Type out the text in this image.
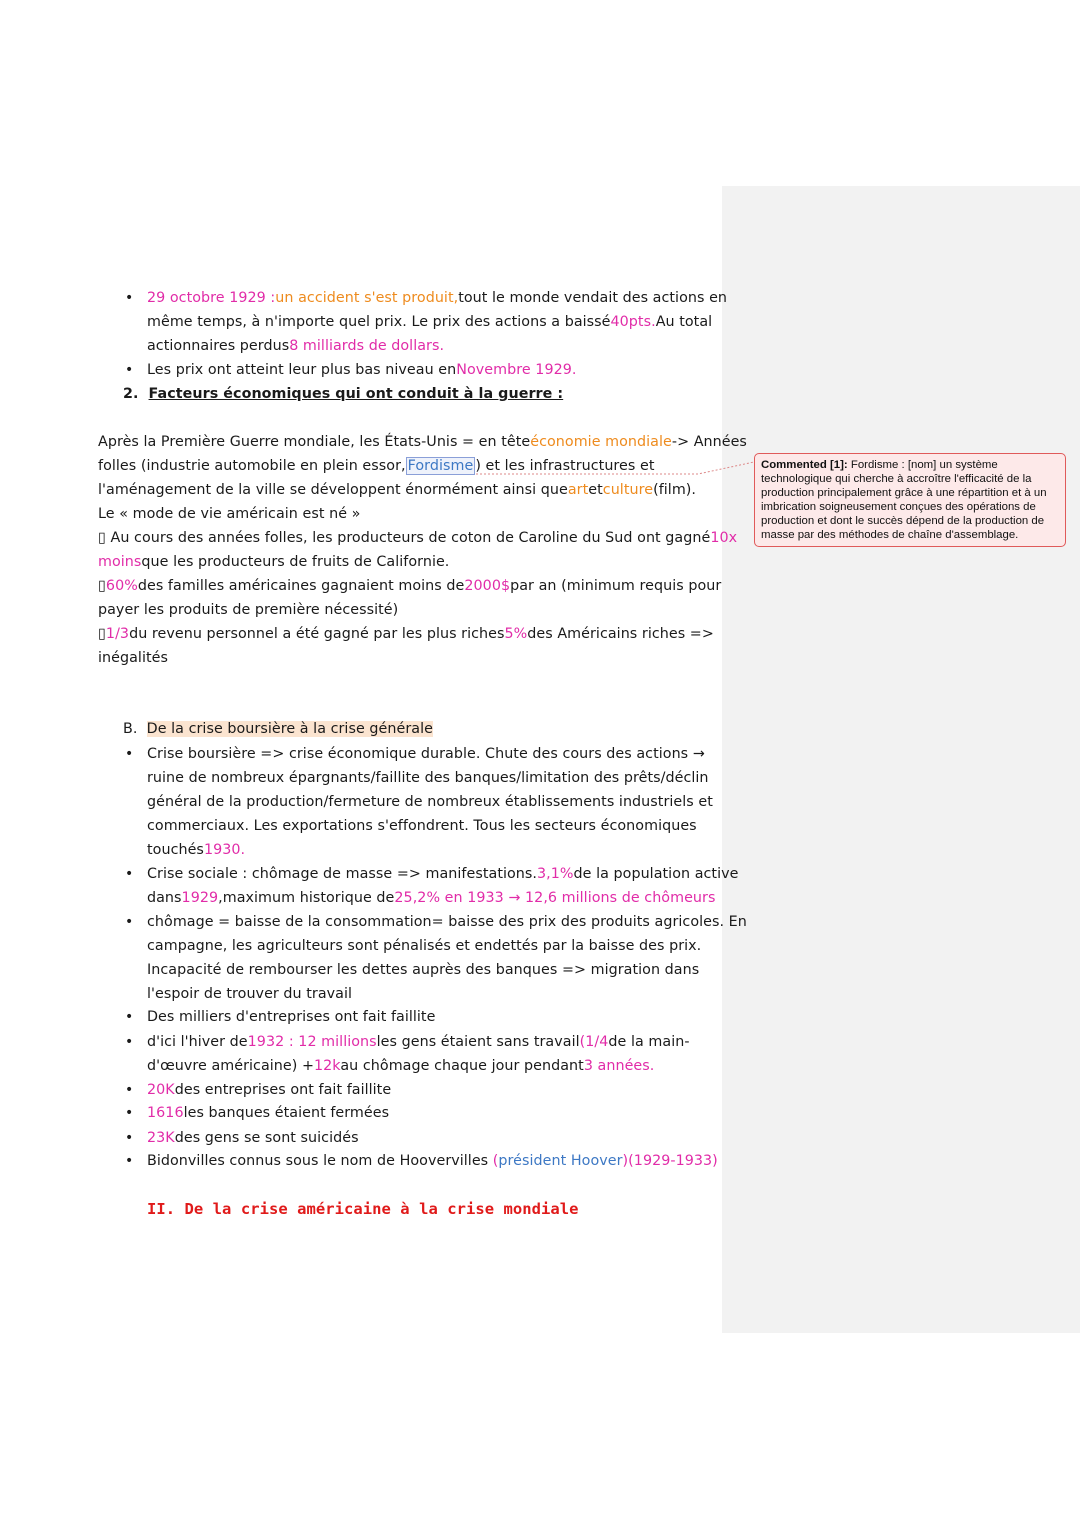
Commented [1]: Fordisme : [nom] un système technologique qui cherche à accroître l'efficacité de la production principalement grâce à une répartition et à un imbrication soigneusement conçues des opérations de production et dont le succès dépend de la production de masse par des méthodes de chaîne d'assemblage.
• 29 octobre 1929 :un accident s'est produit,tout le monde vendait des actions en
même temps, à n'importe quel prix. Le prix des actions a baissé40pts.Au total
actionnaires perdus8 milliards de dollars.
• Les prix ont atteint leur plus bas niveau enNovembre 1929.
2. Facteurs économiques qui ont conduit à la guerre :
Après la Première Guerre mondiale, les États-Unis = en têteéconomie mondiale-> Années
folles (industrie automobile en plein essor, Fordisme ) et les infrastructures et
l'aménagement de la ville se développent énormément ainsi queartetculture(film).
Le « mode de vie américain est né »
▯ Au cours des années folles, les producteurs de coton de Caroline du Sud ont gagné10x
moinsque les producteurs de fruits de Californie.
▯60%des familles américaines gagnaient moins de2000$par an (minimum requis pour
payer les produits de première nécessité)
▯1/3du revenu personnel a été gagné par les plus riches5%des Américains riches =>
inégalités
B. De la crise boursière à la crise générale
• Crise boursière => crise économique durable. Chute des cours des actions →
ruine de nombreux épargnants/faillite des banques/limitation des prêts/déclin
général de la production/fermeture de nombreux établissements industriels et
commerciaux. Les exportations s'effondrent. Tous les secteurs économiques
touchés1930.
• Crise sociale : chômage de masse => manifestations.3,1%de la population active
dans1929,maximum historique de25,2% en 1933 → 12,6 millions de chômeurs
• chômage = baisse de la consommation= baisse des prix des produits agricoles. En
campagne, les agriculteurs sont pénalisés et endettés par la baisse des prix.
Incapacité de rembourser les dettes auprès des banques => migration dans
l'espoir de trouver du travail
• Des milliers d'entreprises ont fait faillite
• d'ici l'hiver de1932 : 12 millionsles gens étaient sans travail(1/4de la main-
d'œuvre américaine) +12kau chômage chaque jour pendant3 années.
• 20Kdes entreprises ont fait faillite
• 1616les banques étaient fermées
• 23Kdes gens se sont suicidés
• Bidonvilles connus sous le nom de Hoovervilles (président Hoover)(1929-1933)
II. De la crise américaine à la crise mondiale
